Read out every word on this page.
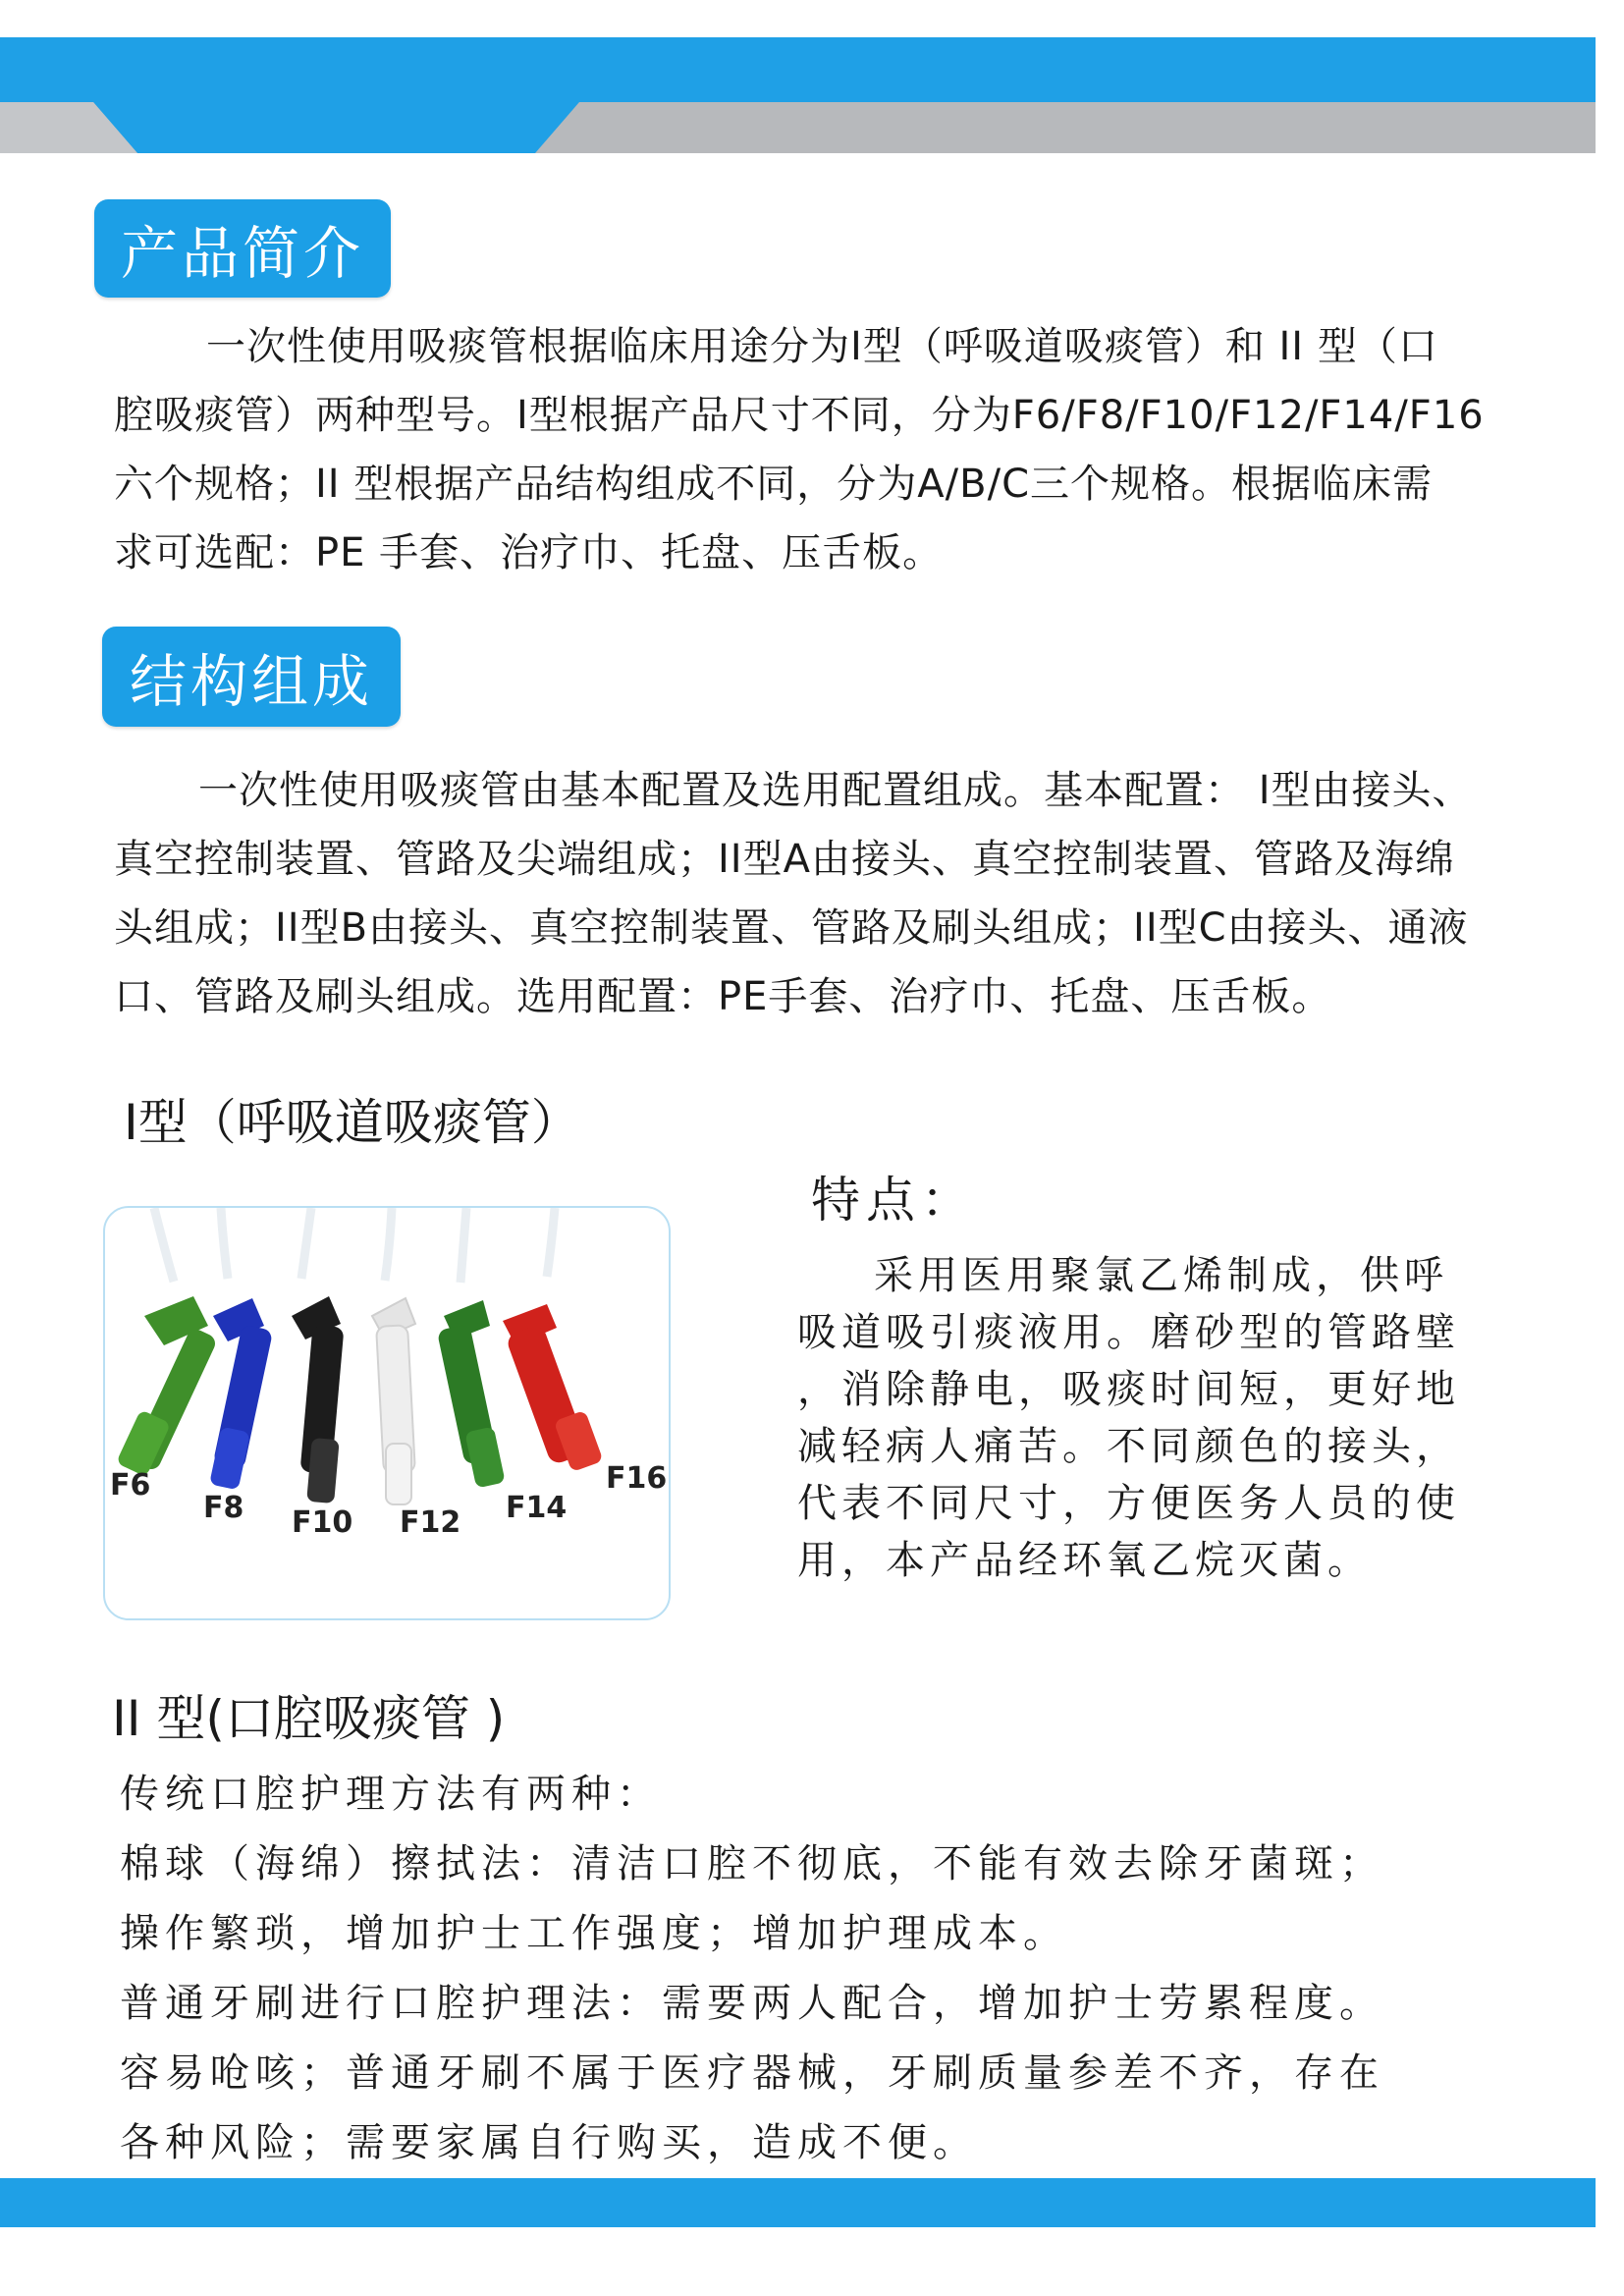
产品简介
一次性使用吸痰管根据临床用途分为I型（呼吸道吸痰管）和 II 型（口
腔吸痰管）两种型号。I型根据产品尺寸不同，分为F6/F8/F10/F12/F14/F16
六个规格；II 型根据产品结构组成不同，分为A/B/C三个规格。根据临床需
求可选配：PE 手套、治疗巾、托盘、压舌板。
结构组成
一次性使用吸痰管由基本配置及选用配置组成。基本配置： I型由接头、
真空控制装置、管路及尖端组成；II型A由接头、真空控制装置、管路及海绵
头组成；II型B由接头、真空控制装置、管路及刷头组成；II型C由接头、通液
口、管路及刷头组成。选用配置：PE手套、治疗巾、托盘、压舌板。
I型（呼吸道吸痰管）
F6
F8 F10 F12 F14
F16
特点：
采用医用聚氯乙烯制成，供呼
吸道吸引痰液用。磨砂型的管路壁
，消除静电，吸痰时间短，更好地
减轻病人痛苦。不同颜色的接头，
代表不同尺寸，方便医务人员的使
用，本产品经环氧乙烷灭菌。
II 型(口腔吸痰管 )
传统口腔护理方法有两种：
棉球（海绵）擦拭法：清洁口腔不彻底，不能有效去除牙菌斑；
操作繁琐，增加护士工作强度；增加护理成本。
普通牙刷进行口腔护理法：需要两人配合，增加护士劳累程度。
容易呛咳；普通牙刷不属于医疗器械，牙刷质量参差不齐，存在
各种风险；需要家属自行购买，造成不便。
